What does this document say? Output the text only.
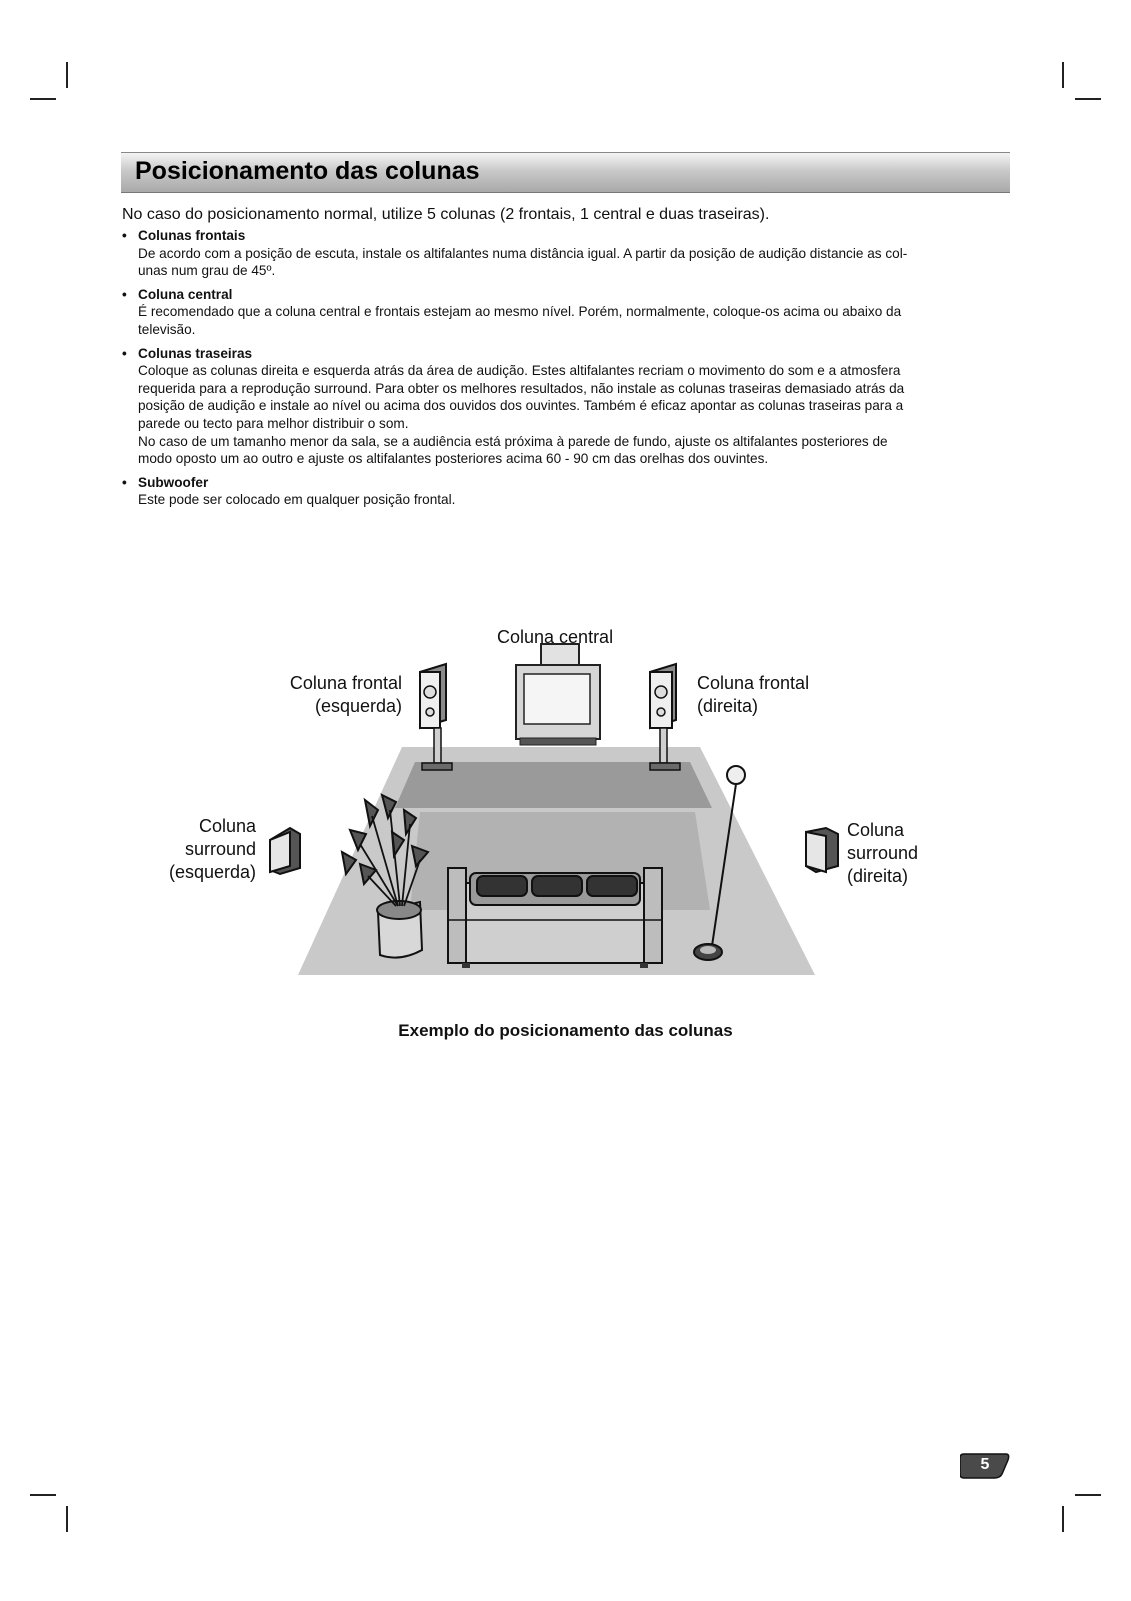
Posicionamento das colunas
No caso do posicionamento normal, utilize 5 colunas (2 frontais, 1 central e duas traseiras).
• Colunas frontais
De acordo com a posição de escuta, instale os altifalantes numa distância igual. A partir da posição de audição distancie as col-
unas num grau de 45º.
• Coluna central
É recomendado que a coluna central e frontais estejam ao mesmo nível. Porém, normalmente, coloque-os acima ou abaixo da
televisão.
• Colunas traseiras
Coloque as colunas direita e esquerda atrás da área de audição. Estes altifalantes recriam o movimento do som e a atmosfera
requerida para a reprodução surround. Para obter os melhores resultados, não instale as colunas traseiras demasiado atrás da
posição de audição e instale ao nível ou acima dos ouvidos dos ouvintes. Também é eficaz apontar as colunas traseiras para a
parede ou tecto para melhor distribuir o som.
No caso de um tamanho menor da sala, se a audiência está próxima à parede de fundo, ajuste os altifalantes posteriores de
modo oposto um ao outro e ajuste os altifalantes posteriores acima 60 - 90 cm das orelhas dos ouvintes.
• Subwoofer
Este pode ser colocado em qualquer posição frontal.
Coluna central
Coluna frontal
(esquerda)
Coluna frontal
(direita)
Coluna
surround
(esquerda)
Coluna
surround
(direita)
Exemplo do posicionamento das colunas
5
